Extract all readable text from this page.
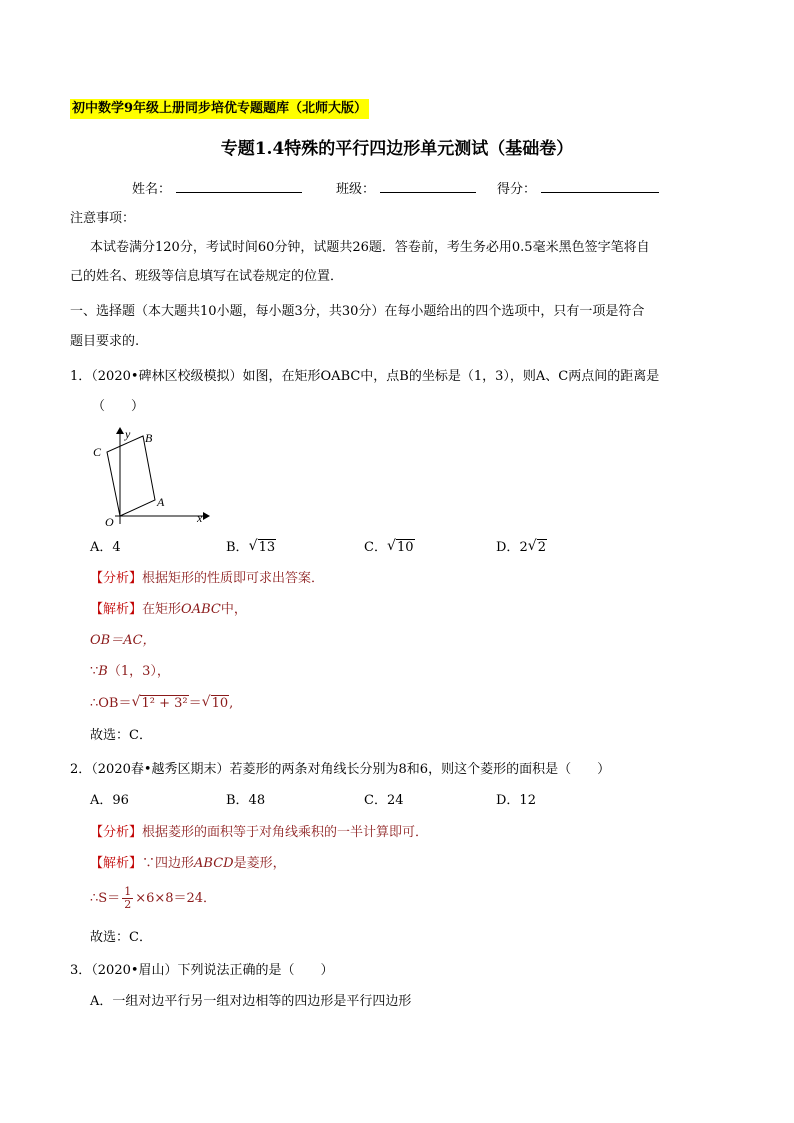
初中数学9年级上册同步培优专题题库（北师大版）
专题1.4特殊的平行四边形单元测试（基础卷）
姓名：	班级：	得分：
注意事项：
本试卷满分120分，考试时间60分钟，试题共26题．答卷前，考生务必用0.5毫米黑色签字笔将自
己的姓名、班级等信息填写在试卷规定的位置．
一、选择题（本大题共10小题，每小题3分，共30分）在每小题给出的四个选项中，只有一项是符合
题目要求的.
1．（2020•碑林区校级模拟）如图，在矩形OABC中，点B的坐标是（1，3），则A、C两点间的距离是
（　　）
y
x
O
A
B
C
A．4	B． √ 13	C． √ 10	D．2 √ 2
【分析】根据矩形的性质即可求出答案．
【解析】在矩形OABC中，
OB＝AC，
∵B（1，3），
∴OB＝ √ 1² + 3²＝ √ 10,
故选：C．
2．（2020春•越秀区期末）若菱形的两条对角线长分别为8和6，则这个菱形的面积是（　　）
A．96	B．48	C．24	D．12
【分析】根据菱形的面积等于对角线乘积的一半计算即可．
【解析】∵四边形ABCD是菱形，
∴S＝ $\frac{1}{2} \times 6\times 8=24$．
故选：C．
3．（2020•眉山）下列说法正确的是（　　）
A．一组对边平行另一组对边相等的四边形是平行四边形
